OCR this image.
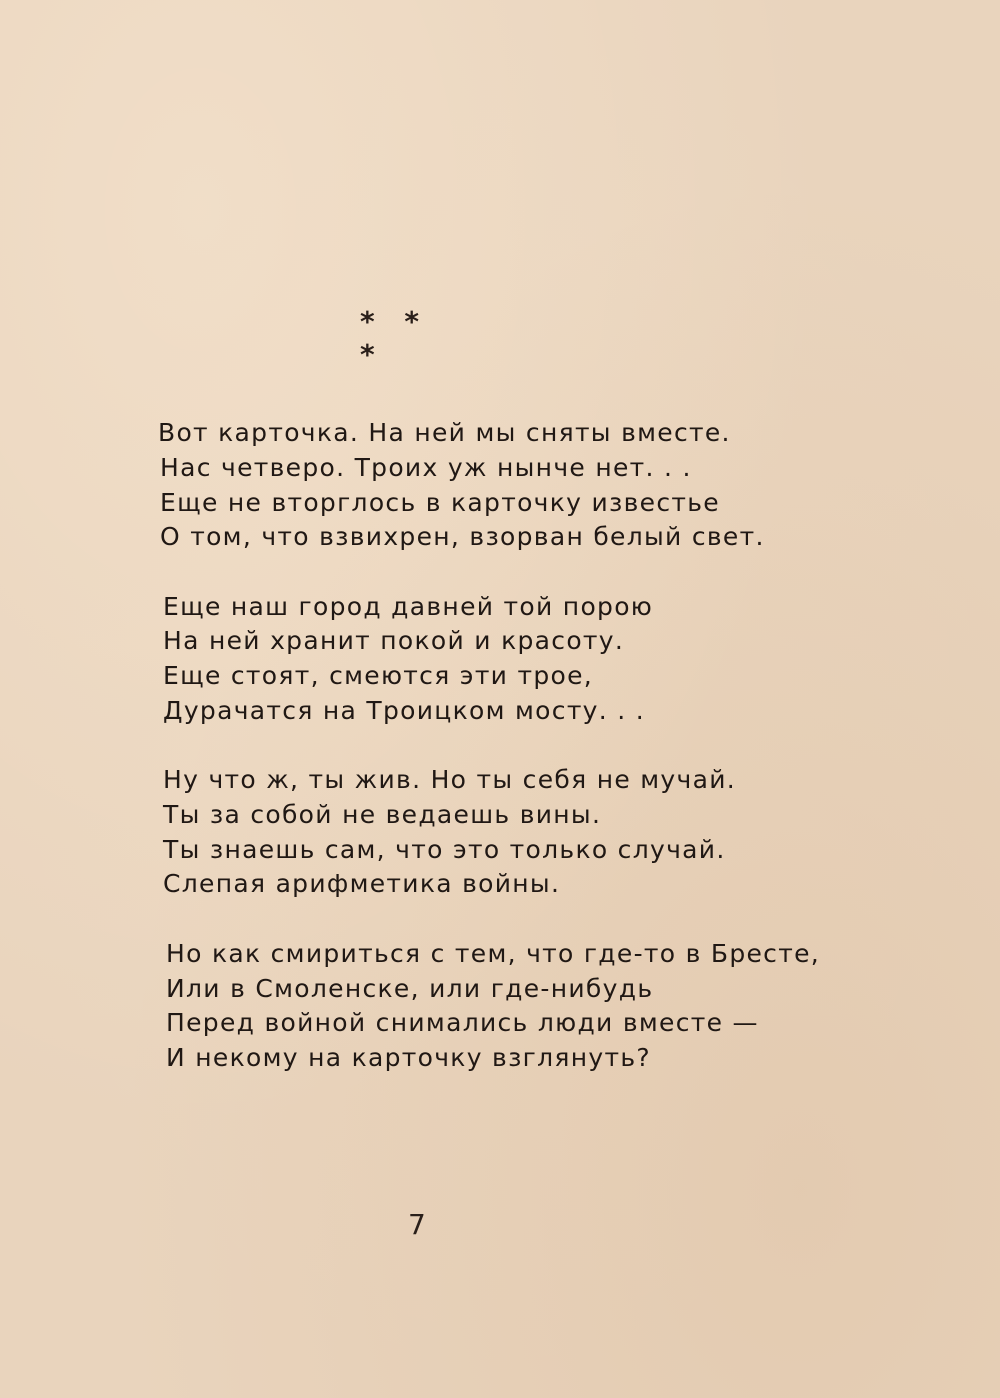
* * *
Вот карточка. На ней мы сняты вместе.
Нас четверо. Троих уж нынче нет. . .
Еще не вторглось в карточку известье
О том, что взвихрен, взорван белый свет.
Еще наш город давней той порою
На ней хранит покой и красоту.
Еще стоят, смеются эти трое,
Дурачатся на Троицком мосту. . .
Ну что ж, ты жив. Но ты себя не мучай.
Ты за собой не ведаешь вины.
Ты знаешь сам, что это только случай.
Слепая арифметика войны.
Но как смириться с тем, что где-то в Бресте,
Или в Смоленске, или где-нибудь
Перед войной снимались люди вместе —
И некому на карточку взглянуть?
7
